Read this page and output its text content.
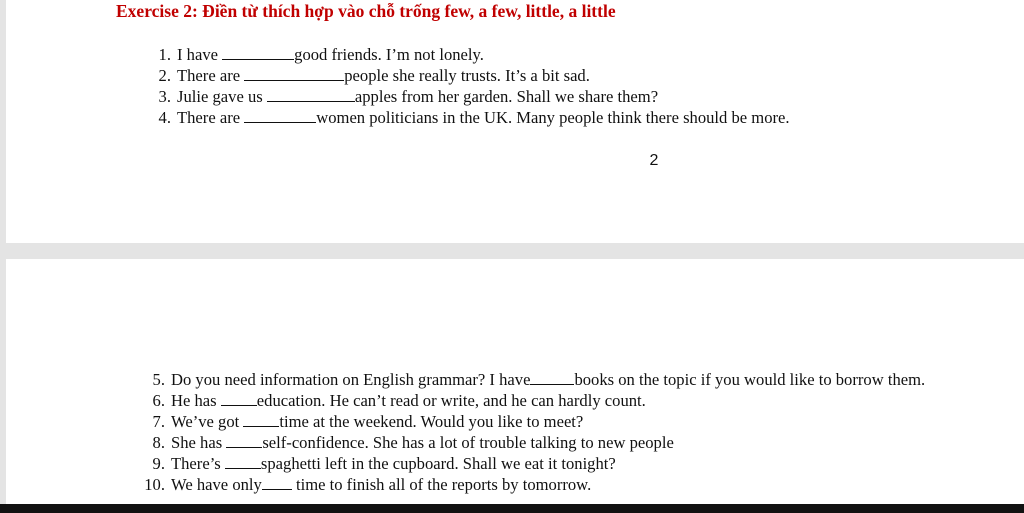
Exercise 2: Điền từ thích hợp vào chỗ trống few, a few, little, a little
1. I have	good friends. I’m not lonely.
2. There are	people she really trusts. It’s a bit sad.
3. Julie gave us	apples from her garden. Shall we share them?
4. There are	women politicians in the UK. Many people think there should be more.
2
5. Do you need information on English grammar? I have	books on the topic if you would like to borrow them.
6. He has education. He can’t read or write, and he can hardly count.
7. We’ve got time at the weekend. Would you like to meet?
8. She has self-confidence. She has a lot of trouble talking to new people
9. There’s spaghetti left in the cupboard. Shall we eat it tonight?
10. We have only time to finish all of the reports by tomorrow.
